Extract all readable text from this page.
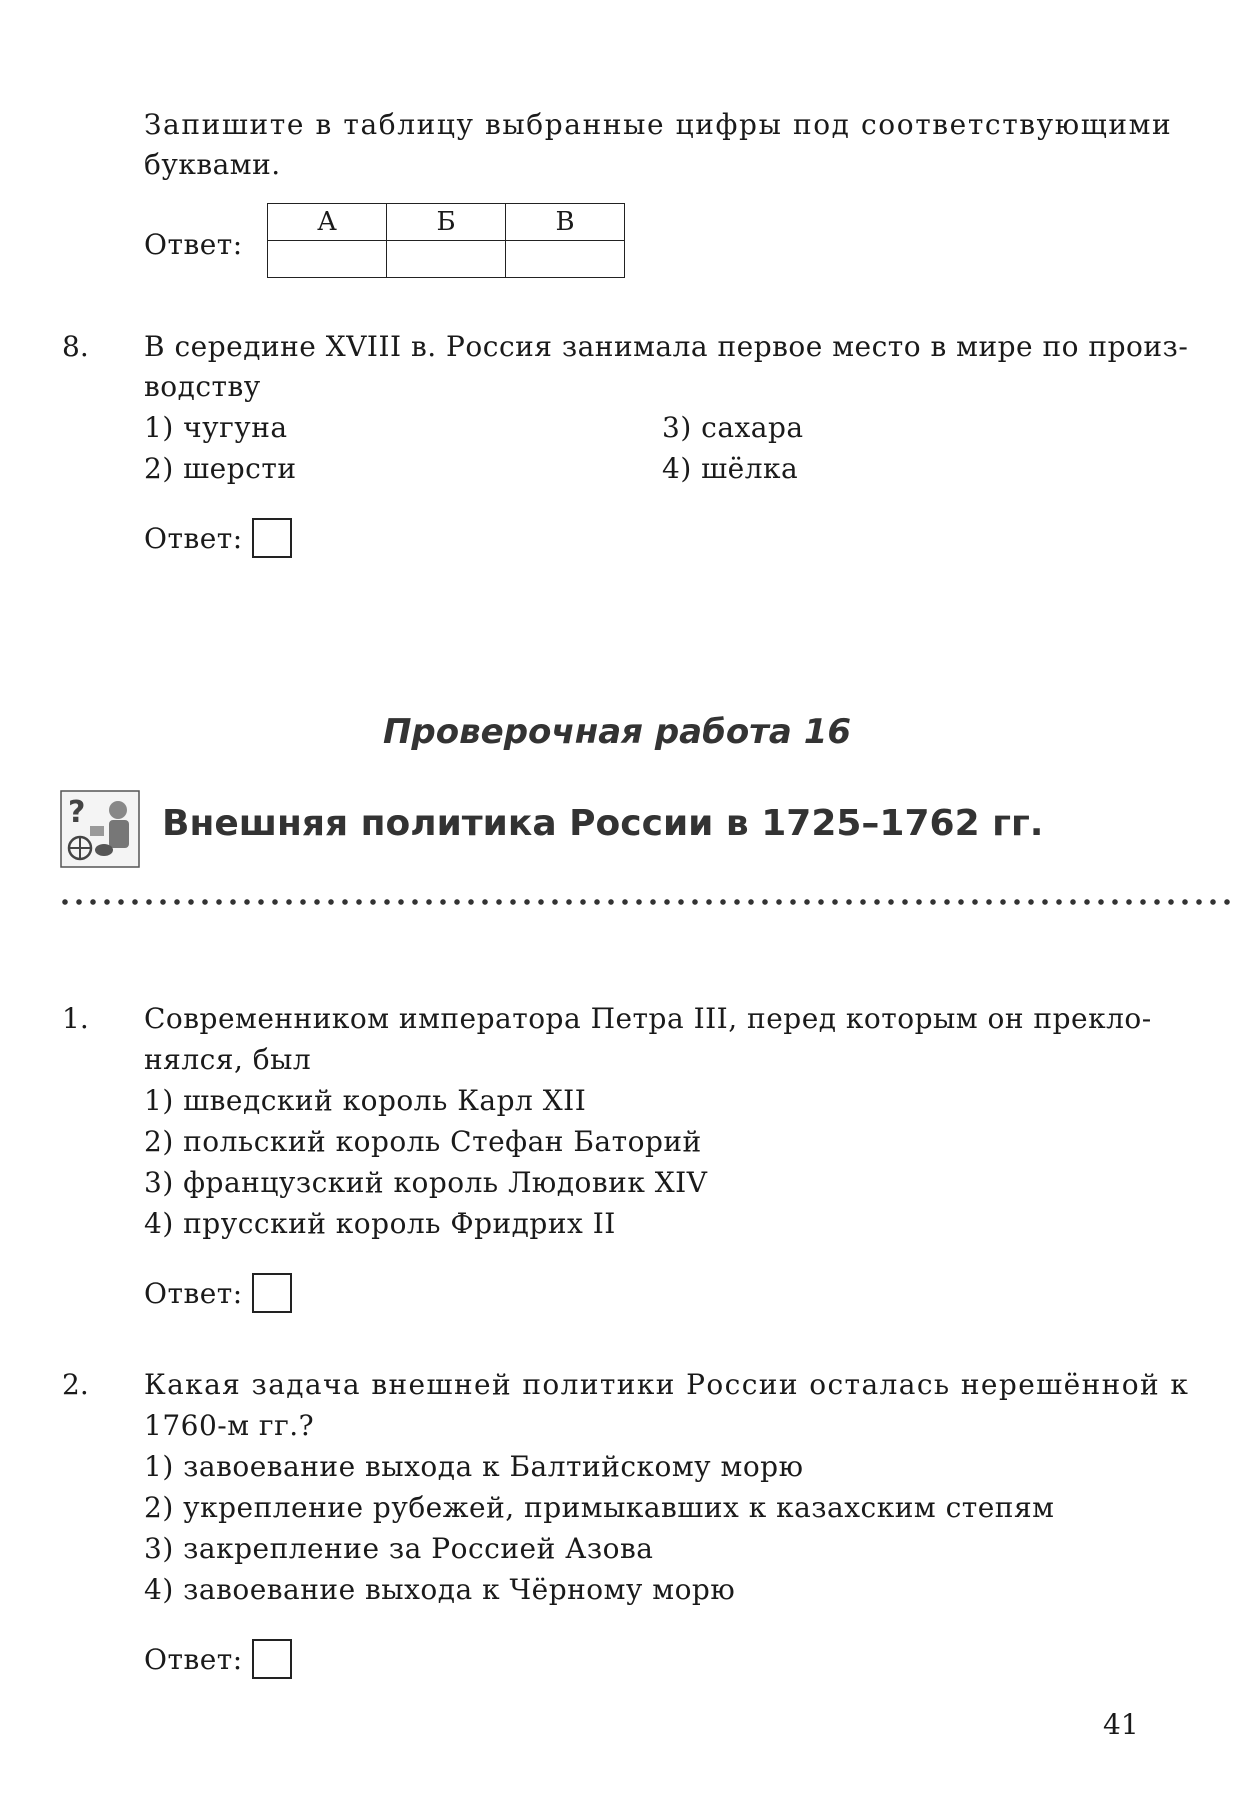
Запишите в таблицу выбранные цифры под соответствующими
буквами.
Ответ:
А	Б	В

8. В середине XVIII в. Россия занимала первое место в мире по произ-
водству
1) чугуна
2) шерсти
3) сахара
4) шёлка
Ответ:
Проверочная работа 16
? Внешняя политика России в 1725–1762 гг.
1. Современником императора Петра III, перед которым он прекло-
нялся, был
1) шведский король Карл XII
2) польский король Стефан Баторий
3) французский король Людовик XIV
4) прусский король Фридрих II
Ответ:
2. Какая задача внешней политики России осталась нерешённой к
1760-м гг.?
1) завоевание выхода к Балтийскому морю
2) укрепление рубежей, примыкавших к казахским степям
3) закрепление за Россией Азова
4) завоевание выхода к Чёрному морю
Ответ:
41
